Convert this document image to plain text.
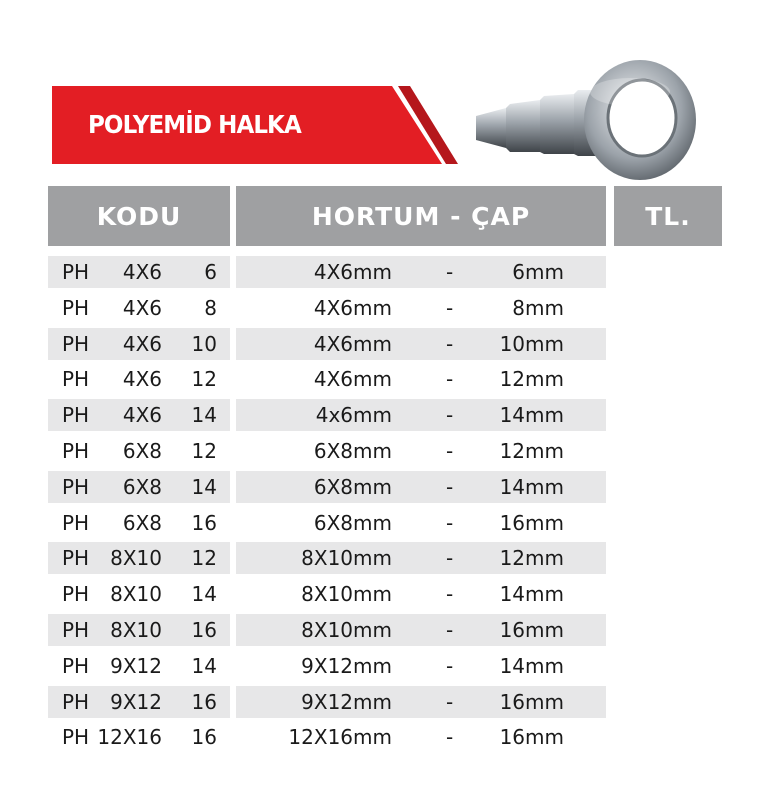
POLYEMİD HALKA
KODU	HORTUM - ÇAP	TL.
PH	4X6	6	4X6mm	-	6mm
PH	4X6	8	4X6mm	-	8mm
PH	4X6	10	4X6mm	-	10mm
PH	4X6	12	4X6mm	-	12mm
PH	4X6	14	4x6mm	-	14mm
PH	6X8	12	6X8mm	-	12mm
PH	6X8	14	6X8mm	-	14mm
PH	6X8	16	6X8mm	-	16mm
PH	8X10	12	8X10mm	-	12mm
PH	8X10	14	8X10mm	-	14mm
PH	8X10	16	8X10mm	-	16mm
PH	9X12	14	9X12mm	-	14mm
PH	9X12	16	9X12mm	-	16mm
PH 12X16	16	12X16mm	-	16mm
